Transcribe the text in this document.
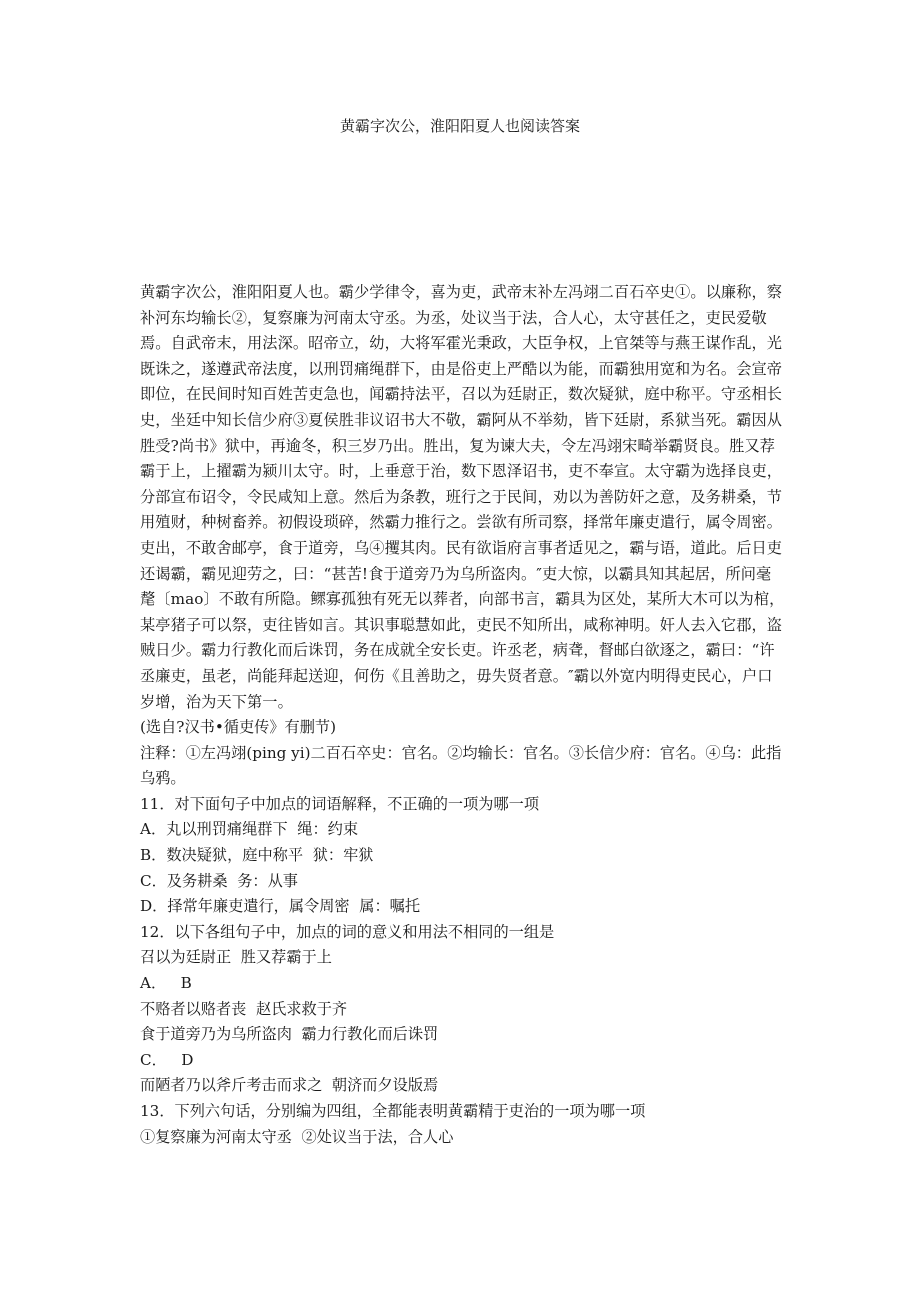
黄霸字次公，淮阳阳夏人也阅读答案

黄霸字次公，淮阳阳夏人也。霸少学律令，喜为吏，武帝末补左冯翊二百石卒史①。以廉称，察补河东均输长②，复察廉为河南太守丞。为丞，处议当于法，合人心，太守甚任之，吏民爱敬焉。自武帝末，用法深。昭帝立，幼，大将军霍光秉政，大臣争权，上官桀等与燕王谋作乱，光既诛之，遂遵武帝法度，以刑罚痛绳群下，由是俗吏上严酷以为能，而霸独用宽和为名。会宣帝即位，在民间时知百姓苦吏急也，闻霸持法平，召以为廷尉正，数次疑狱，庭中称平。守丞相长史，坐廷中知长信少府③夏侯胜非议诏书大不敬，霸阿从不举劾，皆下廷尉，系狱当死。霸因从胜受?尚书》狱中，再逾冬，积三岁乃出。胜出，复为谏大夫，令左冯翊宋畸举霸贤良。胜又荐霸于上，上擢霸为颍川太守。时，上垂意于治，数下恩泽诏书，吏不奉宣。太守霸为选择良吏，分部宣布诏令，令民咸知上意。然后为条教，班行之于民间，劝以为善防奸之意，及务耕桑，节用殖财，种树畜养。初假设琐碎，然霸力推行之。尝欲有所司察，择常年廉吏遣行，属令周密。吏出，不敢舍邮亭，食于道旁，乌④攫其肉。民有欲诣府言事者适见之，霸与语，道此。后日吏还谒霸，霸见迎劳之，曰：“甚苦!食于道旁乃为乌所盗肉。″吏大惊，以霸具知其起居，所问毫氂〔mao〕不敢有所隐。鳏寡孤独有死无以葬者，向部书言，霸具为区处，某所大木可以为棺，某亭猪子可以祭，吏往皆如言。其识事聪慧如此，吏民不知所出，咸称神明。奸人去入它郡，盗贼日少。霸力行教化而后诛罚，务在成就全安长吏。许丞老，病聋，督邮白欲逐之，霸曰：“许丞廉吏，虽老，尚能拜起送迎，何伤《且善助之，毋失贤者意。″霸以外宽内明得吏民心，户口岁增，治为天下第一。

(选自?汉书•循吏传》有删节)

注释：①左冯翊(ping yi)二百石卒史：官名。②均输长：官名。③长信少府：官名。④乌：此指乌鸦。

11．对下面句子中加点的词语解释，不正确的一项为哪一项

A．丸以刑罚痛绳群下  绳：约束

B．数决疑狱，庭中称平  狱：牢狱

C．及务耕桑  务：从事

D．择常年廉吏遣行，属令周密  属：嘱托

12．以下各组句子中，加点的词的意义和用法不相同的一组是

召以为廷尉正  胜又荐霸于上

A．   B

不赂者以赂者丧  赵氏求救于齐

食于道旁乃为乌所盗肉  霸力行教化而后诛罚

C．   D

而陋者乃以斧斤考击而求之  朝济而夕设版焉

13．下列六句话，分别编为四组，全都能表明黄霸精于吏治的一项为哪一项

①复察廉为河南太守丞  ②处议当于法，合人心
